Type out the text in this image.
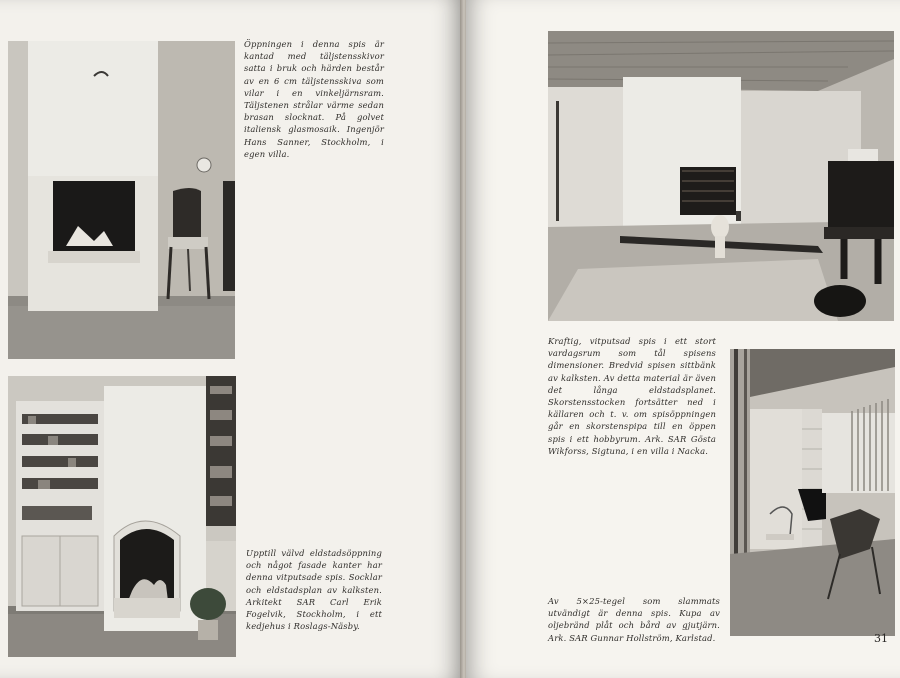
Öppningen i denna spis är kantad med täljstensskivor satta i bruk och härden består av en 6 cm täljstensskiva som vilar i en vinkeljärnsram. Täljstenen strålar värme sedan brasan slocknat. På golvet italiensk glasmosaik. Ingenjör Hans Sanner, Stockholm, i egen villa.

Upptill välvd eldstadsöppning och något fasade kanter har denna vitputsade spis. Socklar och eldstadsplan av kalksten. Arkitekt SAR Carl Erik Fogelvik, Stockholm, i ett kedjehus i Roslags-Näsby.

Kraftig, vitputsad spis i ett stort vardagsrum som tål spisens dimensioner. Bredvid spisen sittbänk av kalksten. Av detta material är även det långa eldstadsplanet. Skorstensstocken fortsätter ned i källaren och t. v. om spisöppningen går en skorstenspipa till en öppen spis i ett hobbyrum. Ark. SAR Gösta Wikforss, Sigtuna, i en villa i Nacka.

Av 5×25-tegel som slammats utvändigt är denna spis. Kupa av oljebränd plåt och bård av gjutjärn. Ark. SAR Gunnar Hollström, Karlstad.	31
